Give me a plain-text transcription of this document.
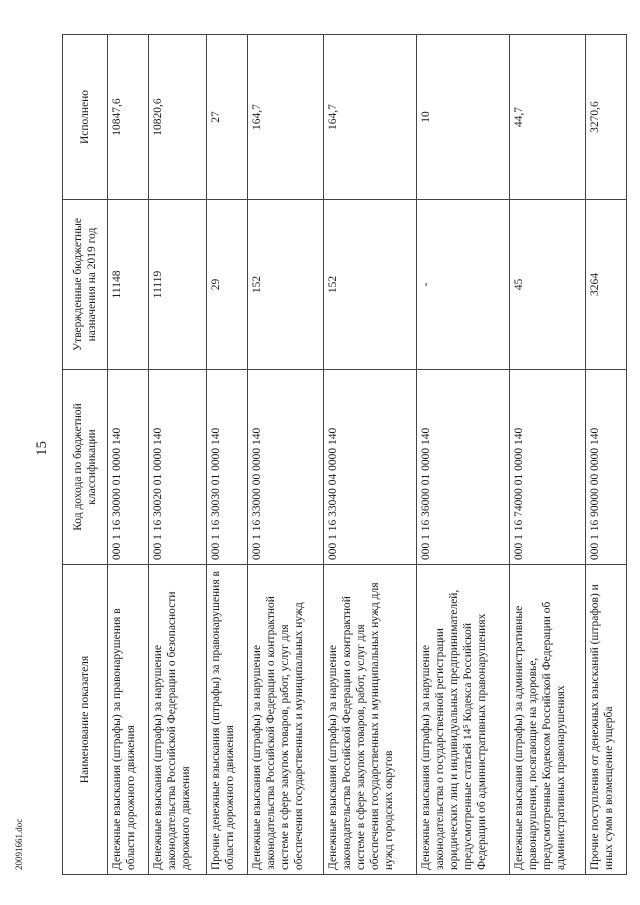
15
Наименование показателя	Код дохода по бюджетной классификации	Утвержденные бюджетные назначения на 2019 год	Исполнено
Денежные взыскания (штрафы) за правонарушения в области дорожного движения	000 1 16 30000 01 0000 140	11148	10847,6
Денежные взыскания (штрафы) за нарушение законодательства Российской Федерации о безопасности дорожного движения	000 1 16 30020 01 0000 140	11119	10820,6
Прочие денежные взыскания (штрафы) за правонарушения в области дорожного движения	000 1 16 30030 01 0000 140	29	27
Денежные взыскания (штрафы) за нарушение законодательства Российской Федерации о контрактной системе в сфере закупок товаров, работ, услуг для обеспечения государственных и муниципальных нужд	000 1 16 33000 00 0000 140	152	164,7
Денежные взыскания (штрафы) за нарушение законодательства Российской Федерации о контрактной системе в сфере закупок товаров, работ, услуг для обеспечения государственных и муниципальных нужд для нужд городских округов	000 1 16 33040 04 0000 140	152	164,7
Денежные взыскания (штрафы) за нарушение законодательства о государственной регистрации юридических лиц и индивидуальных предпринимателей, предусмотренные статьей 14⁵ Кодекса Российской Федерации об административных правонарушениях	000 1 16 36000 01 0000 140	-	10
Денежные взыскания (штрафы) за административные правонарушения, посягающие на здоровье, предусмотренные Кодексом Российской Федерации об административных правонарушениях	000 1 16 74000 01 0000 140	45	44,7
Прочие поступления от денежных взысканий (штрафов) и иных сумм в возмещение ущерба	000 1 16 90000 00 0000 140	3264	3270,6
20091661.doc
